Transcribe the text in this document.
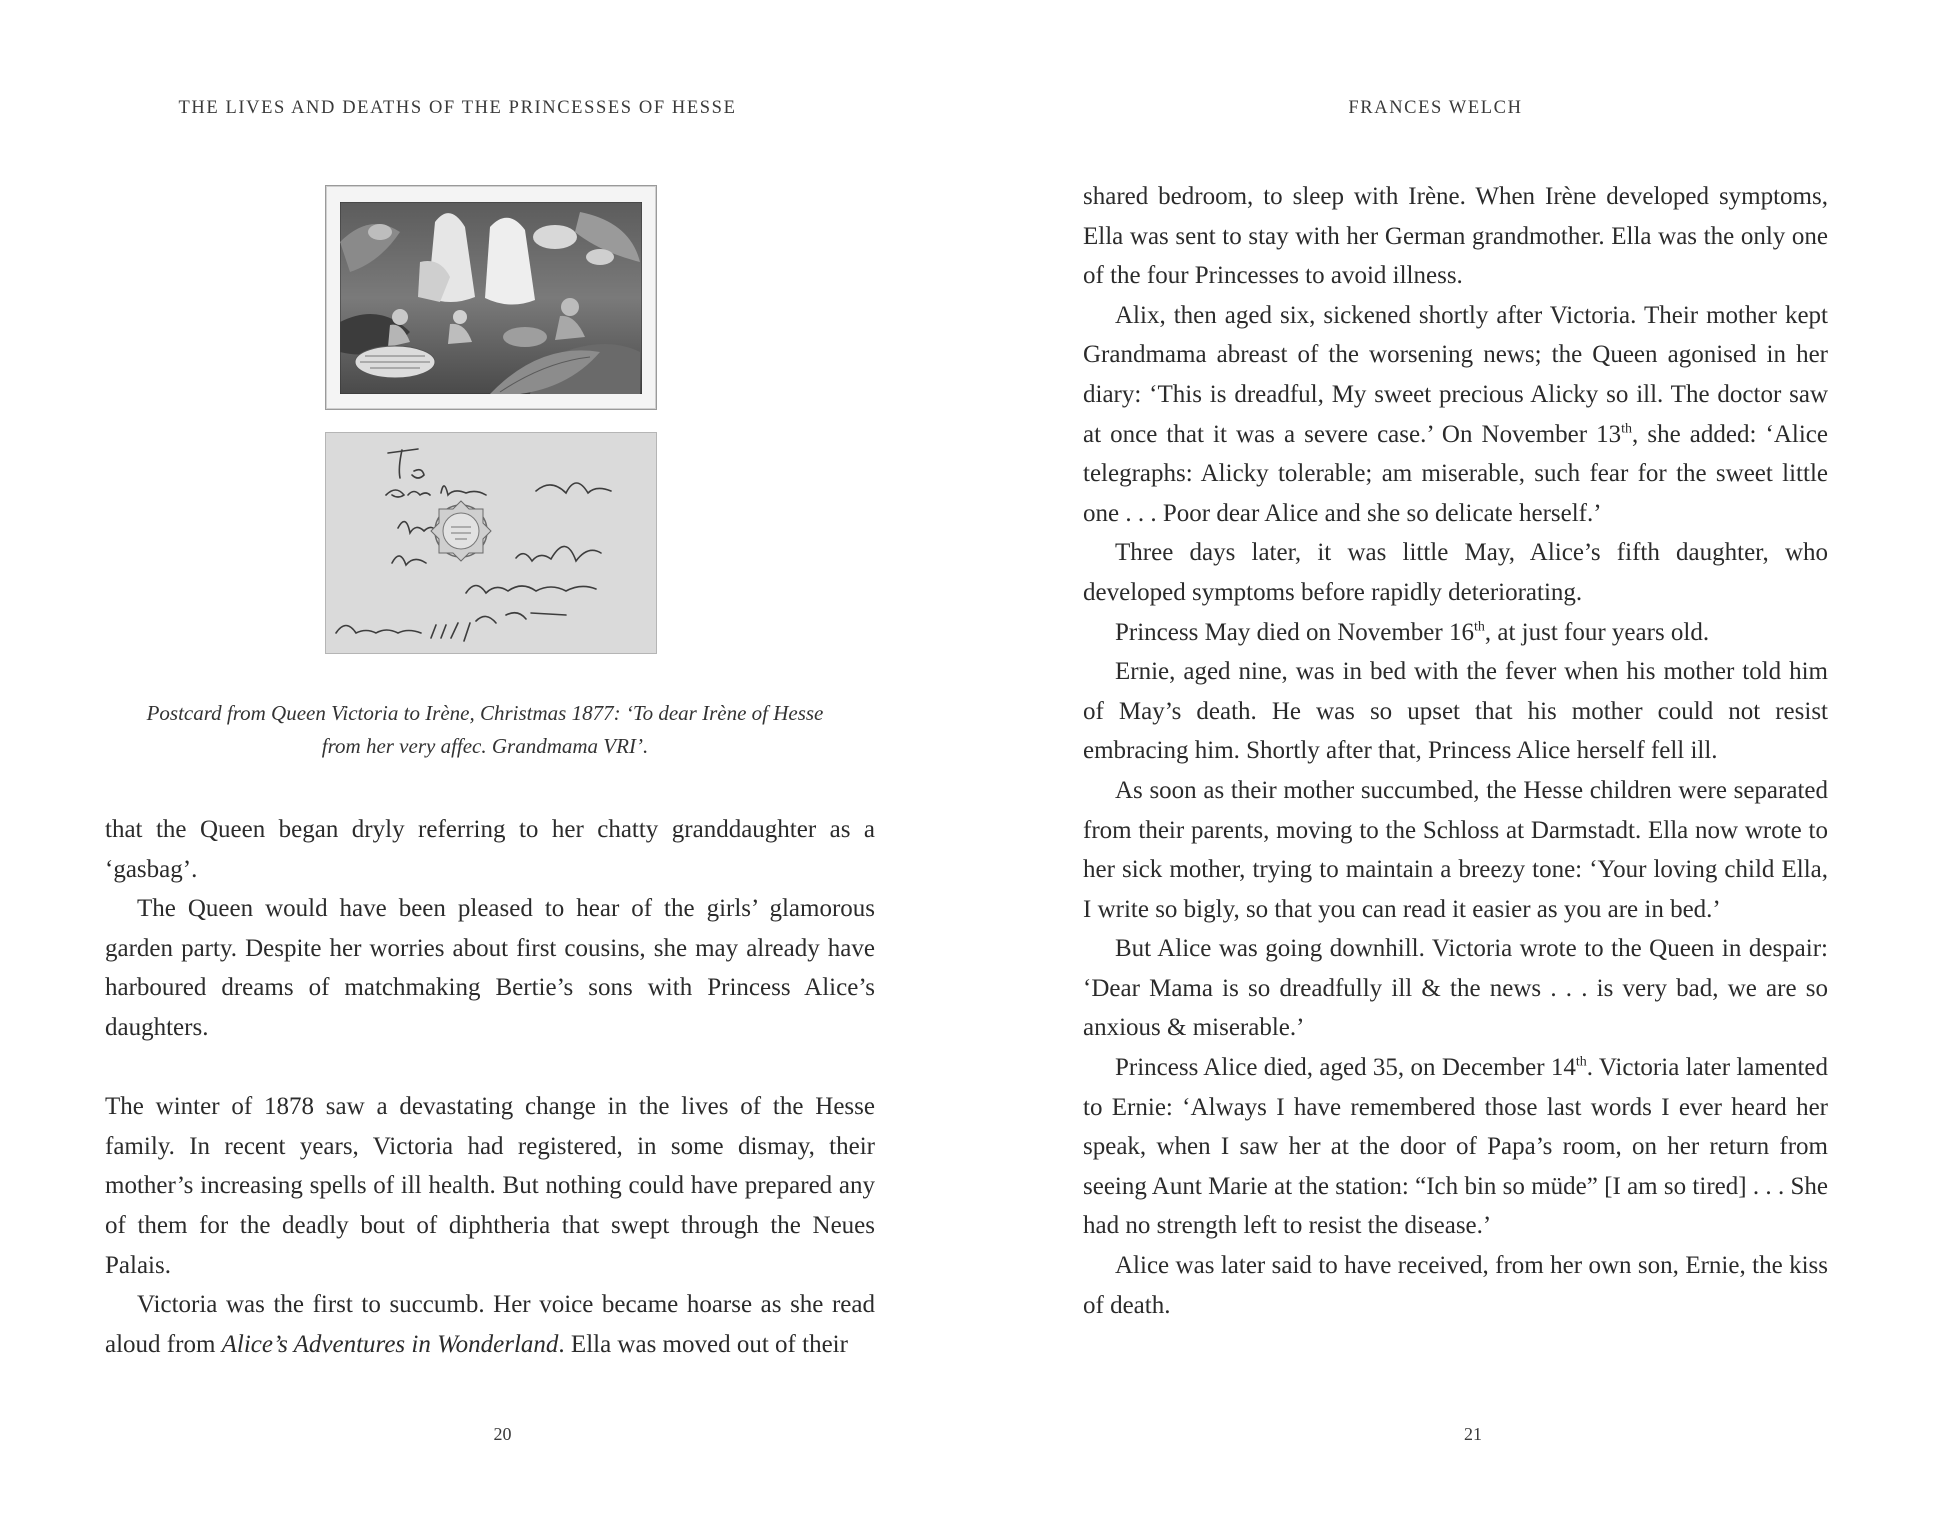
THE LIVES AND DEATHS OF THE PRINCESSES OF HESSE
Postcard from Queen Victoria to Irène, Christmas 1877: ‘To dear Irène of Hesse
from her very affec. Grandmama VRI’.

that the Queen began dryly referring to her chatty granddaughter as a ‘gasbag’.

The Queen would have been pleased to hear of the girls’ glamorous garden party. Despite her worries about first cousins, she may already have harboured dreams of matchmaking Bertie’s sons with Princess Alice’s daughters.

The winter of 1878 saw a devastating change in the lives of the Hesse family. In recent years, Victoria had registered, in some dismay, their mother’s increasing spells of ill health. But nothing could have prepared any of them for the deadly bout of diphtheria that swept through the Neues Palais.

Victoria was the first to succumb. Her voice became hoarse as she read aloud from Alice’s Adventures in Wonderland. Ella was moved out of their

20
FRANCES WELCH

shared bedroom, to sleep with Irène. When Irène developed symptoms, Ella was sent to stay with her German grandmother. Ella was the only one of the four Princesses to avoid illness.

Alix, then aged six, sickened shortly after Victoria. Their mother kept Grandmama abreast of the worsening news; the Queen agonised in her diary: ‘This is dreadful, My sweet precious Alicky so ill. The doctor saw at once that it was a severe case.’ On November 13th, she added: ‘Alice telegraphs: Alicky tolerable; am miserable, such fear for the sweet little one . . . Poor dear Alice and she so delicate herself.’

Three days later, it was little May, Alice’s fifth daughter, who developed symptoms before rapidly deteriorating.

Princess May died on November 16th, at just four years old.

Ernie, aged nine, was in bed with the fever when his mother told him of May’s death. He was so upset that his mother could not resist embracing him. Shortly after that, Princess Alice herself fell ill.

As soon as their mother succumbed, the Hesse children were separated from their parents, moving to the Schloss at Darmstadt. Ella now wrote to her sick mother, trying to maintain a breezy tone: ‘Your loving child Ella, I write so bigly, so that you can read it easier as you are in bed.’

But Alice was going downhill. Victoria wrote to the Queen in despair: ‘Dear Mama is so dreadfully ill & the news . . . is very bad, we are so anxious & miserable.’

Princess Alice died, aged 35, on December 14th. Victoria later lamented to Ernie: ‘Always I have remembered those last words I ever heard her speak, when I saw her at the door of Papa’s room, on her return from seeing Aunt Marie at the station: “Ich bin so müde” [I am so tired] . . . She had no strength left to resist the disease.’

Alice was later said to have received, from her own son, Ernie, the kiss of death.

21
